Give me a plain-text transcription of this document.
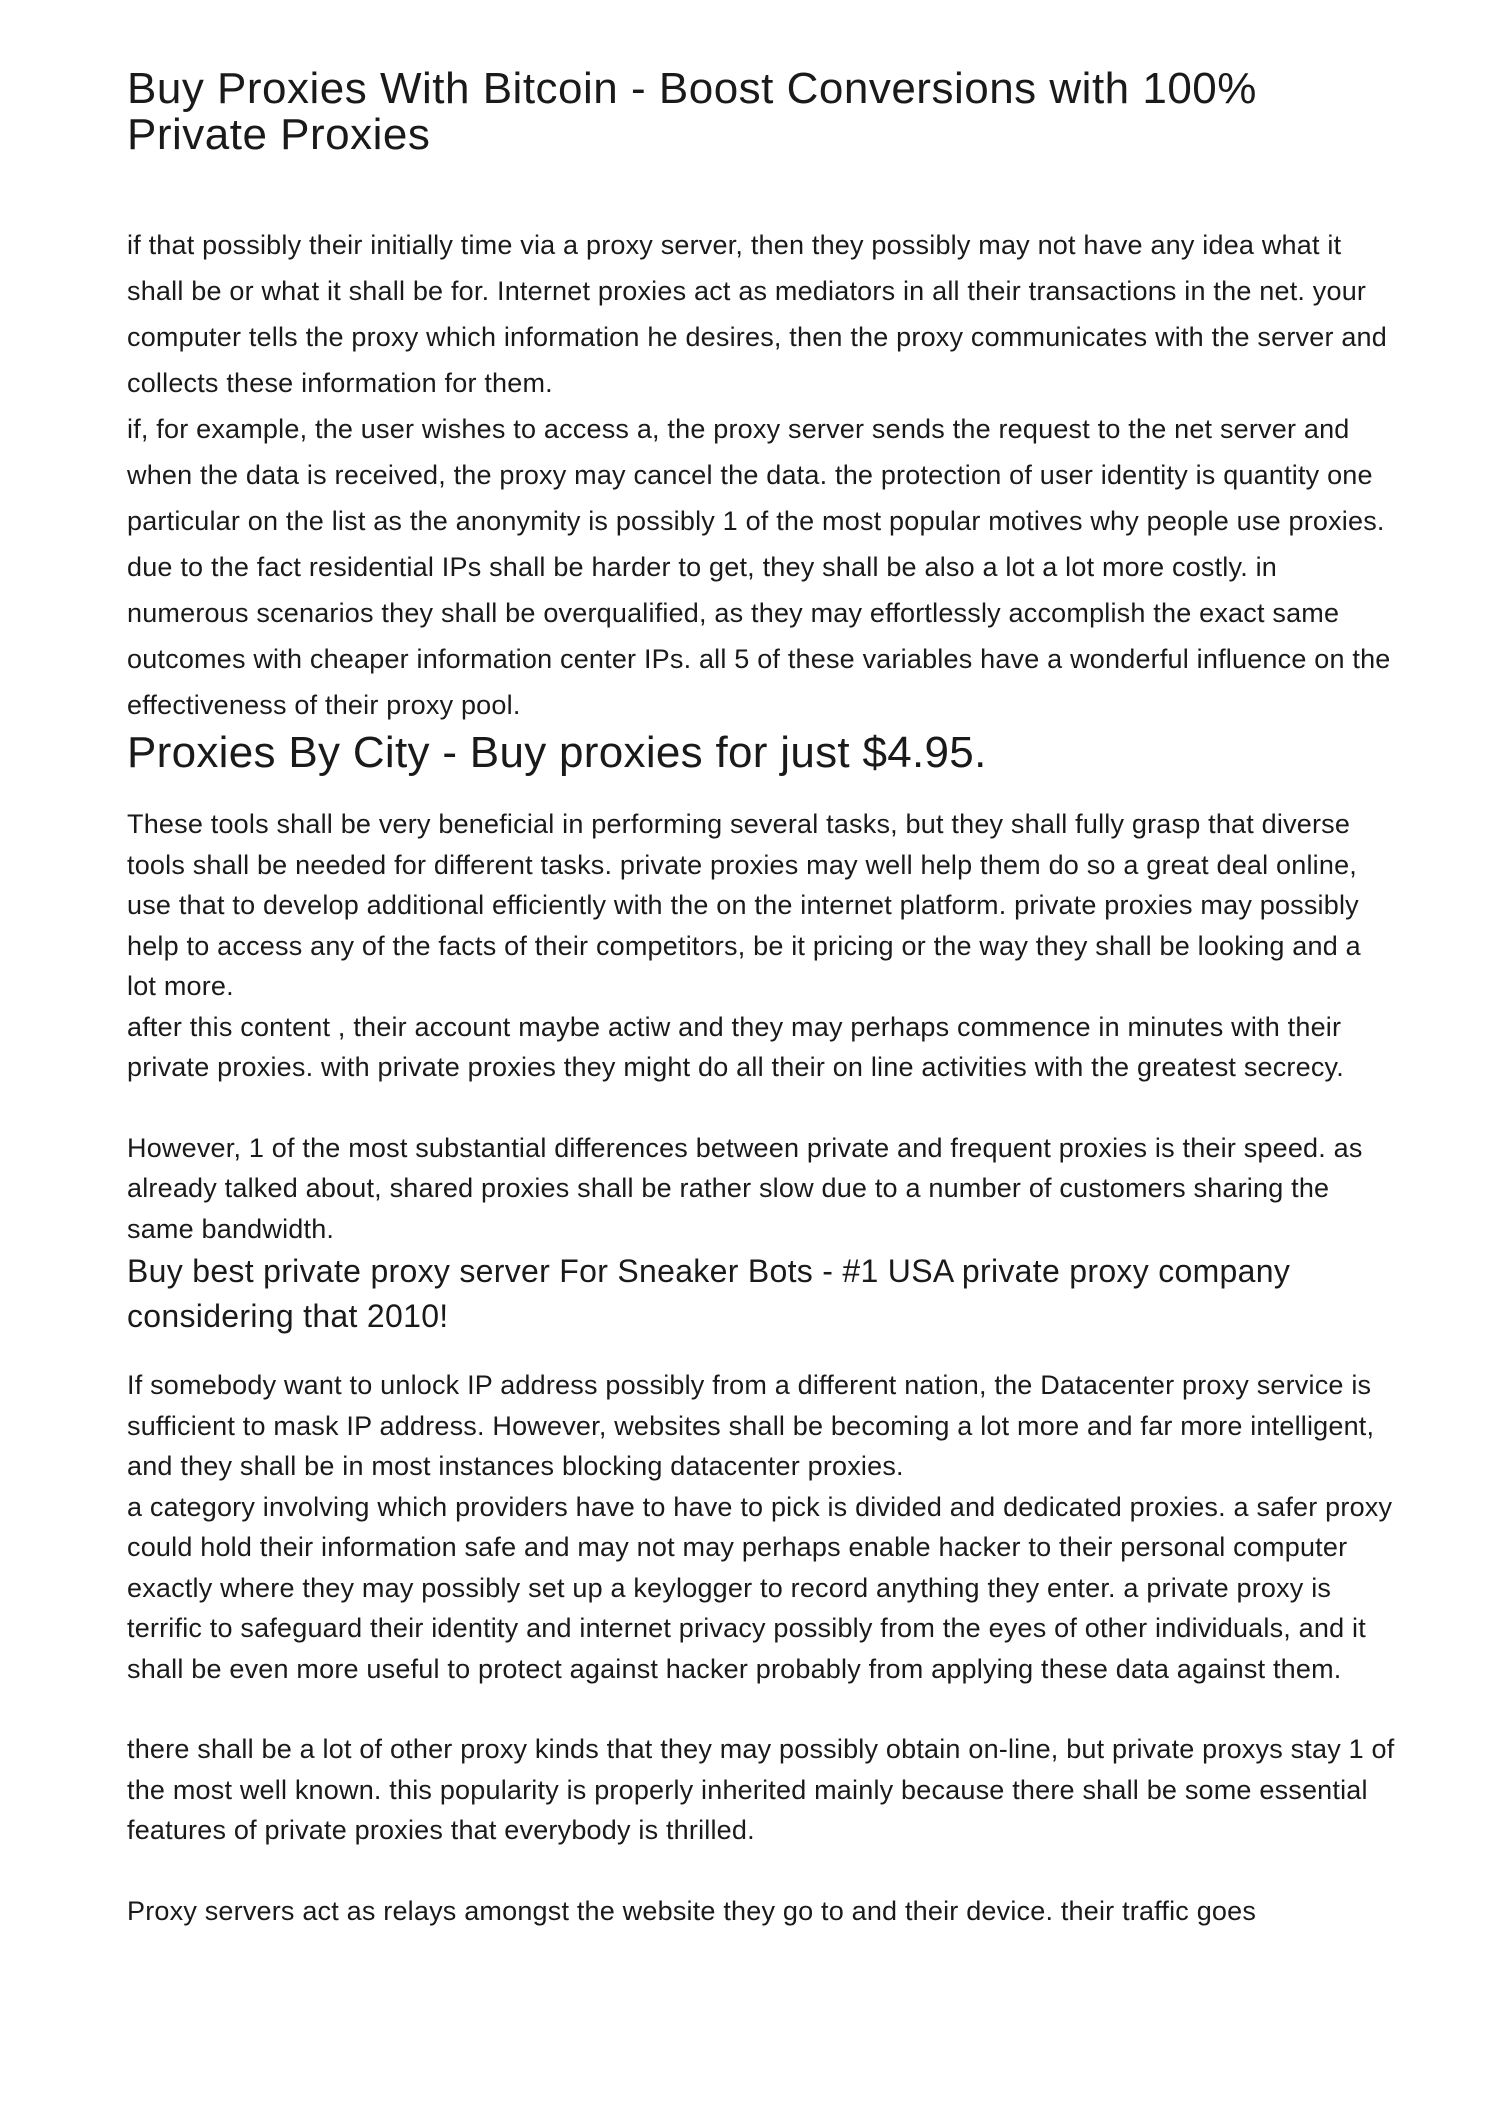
Buy Proxies With Bitcoin - Boost Conversions with 100% Private Proxies

if that possibly their initially time via a proxy server, then they possibly may not have any idea what it shall be or what it shall be for. Internet proxies act as mediators in all their transactions in the net. your computer tells the proxy which information he desires, then the proxy communicates with the server and collects these information for them.

if, for example, the user wishes to access a, the proxy server sends the request to the net server and when the data is received, the proxy may cancel the data. the protection of user identity is quantity one particular on the list as the anonymity is possibly 1 of the most popular motives why people use proxies.

due to the fact residential IPs shall be harder to get, they shall be also a lot a lot more costly. in numerous scenarios they shall be overqualified, as they may effortlessly accomplish the exact same outcomes with cheaper information center IPs. all 5 of these variables have a wonderful influence on the effectiveness of their proxy pool.

Proxies By City - Buy proxies for just $4.95.

These tools shall be very beneficial in performing several tasks, but they shall fully grasp that diverse tools shall be needed for different tasks. private proxies may well help them do so a great deal online, use that to develop additional efficiently with the on the internet platform. private proxies may possibly help to access any of the facts of their competitors, be it pricing or the way they shall be looking and a lot more.

after this content , their account maybe actiw and they may perhaps commence in minutes with their private proxies. with private proxies they might do all their on line activities with the greatest secrecy.

However, 1 of the most substantial differences between private and frequent proxies is their speed. as already talked about, shared proxies shall be rather slow due to a number of customers sharing the same bandwidth.

Buy best private proxy server For Sneaker Bots - #1 USA private proxy company considering that 2010!

If somebody want to unlock IP address possibly from a different nation, the Datacenter proxy service is sufficient to mask IP address. However, websites shall be becoming a lot more and far more intelligent, and they shall be in most instances blocking datacenter proxies.

a category involving which providers have to have to pick is divided and dedicated proxies. a safer proxy could hold their information safe and may not may perhaps enable hacker to their personal computer exactly where they may possibly set up a keylogger to record anything they enter. a private proxy is terrific to safeguard their identity and internet privacy possibly from the eyes of other individuals, and it shall be even more useful to protect against hacker probably from applying these data against them.

there shall be a lot of other proxy kinds that they may possibly obtain on-line, but private proxys stay 1 of the most well known. this popularity is properly inherited mainly because there shall be some essential features of private proxies that everybody is thrilled.

Proxy servers act as relays amongst the website they go to and their device. their traffic goes
